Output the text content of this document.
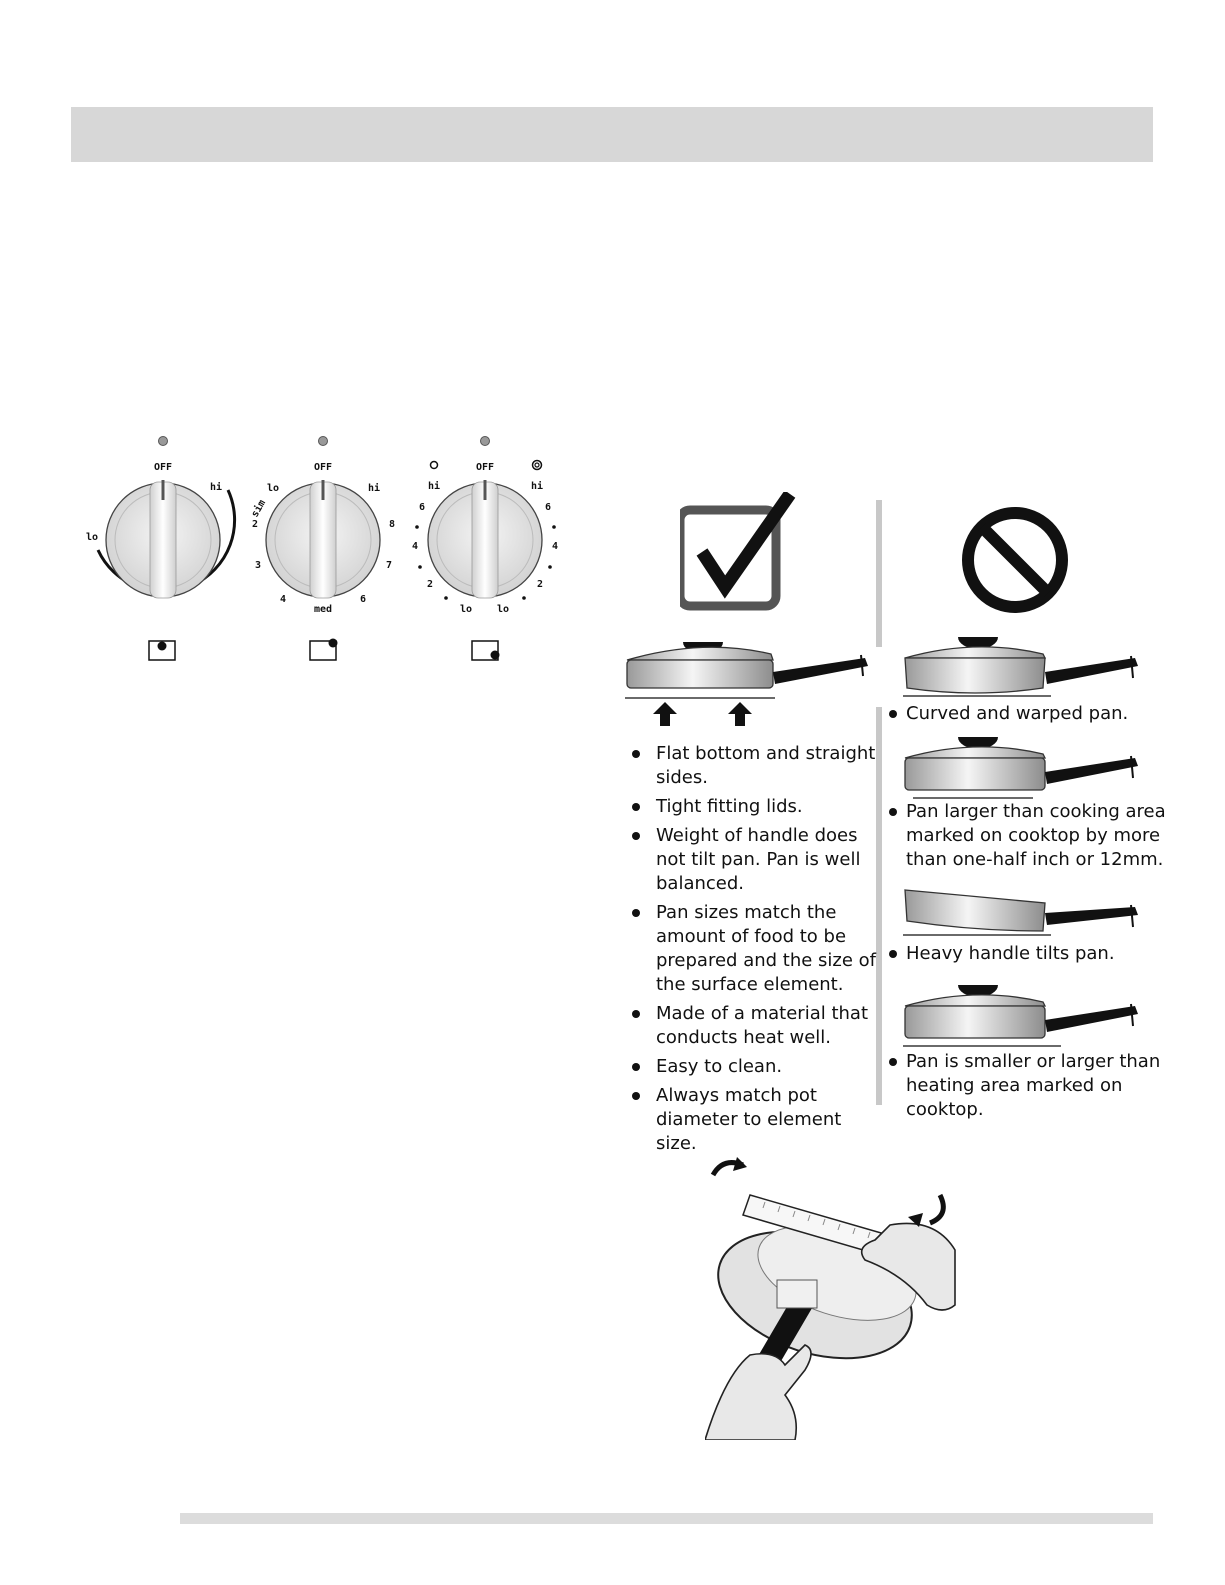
OFF
lo
hi
OFF
lo
sim
hi
2
3
4
med
6
7
8
OFF
hi	hi
6
4
2
lo
6
4
2
lo
Curved and warped pan.
Pan larger than cooking area marked on cooktop by more than one-half inch or 12mm.
Heavy handle tilts pan.
Pan is smaller or larger than heating area marked on cooktop.
Flat bottom and straight sides.
Tight fitting lids.
Weight of handle does not tilt pan. Pan is well balanced.
Pan sizes match the amount of food to be prepared and the size of the surface element.
Made of a material that conducts heat well.
Easy to clean.
Always match pot diameter to element size.
